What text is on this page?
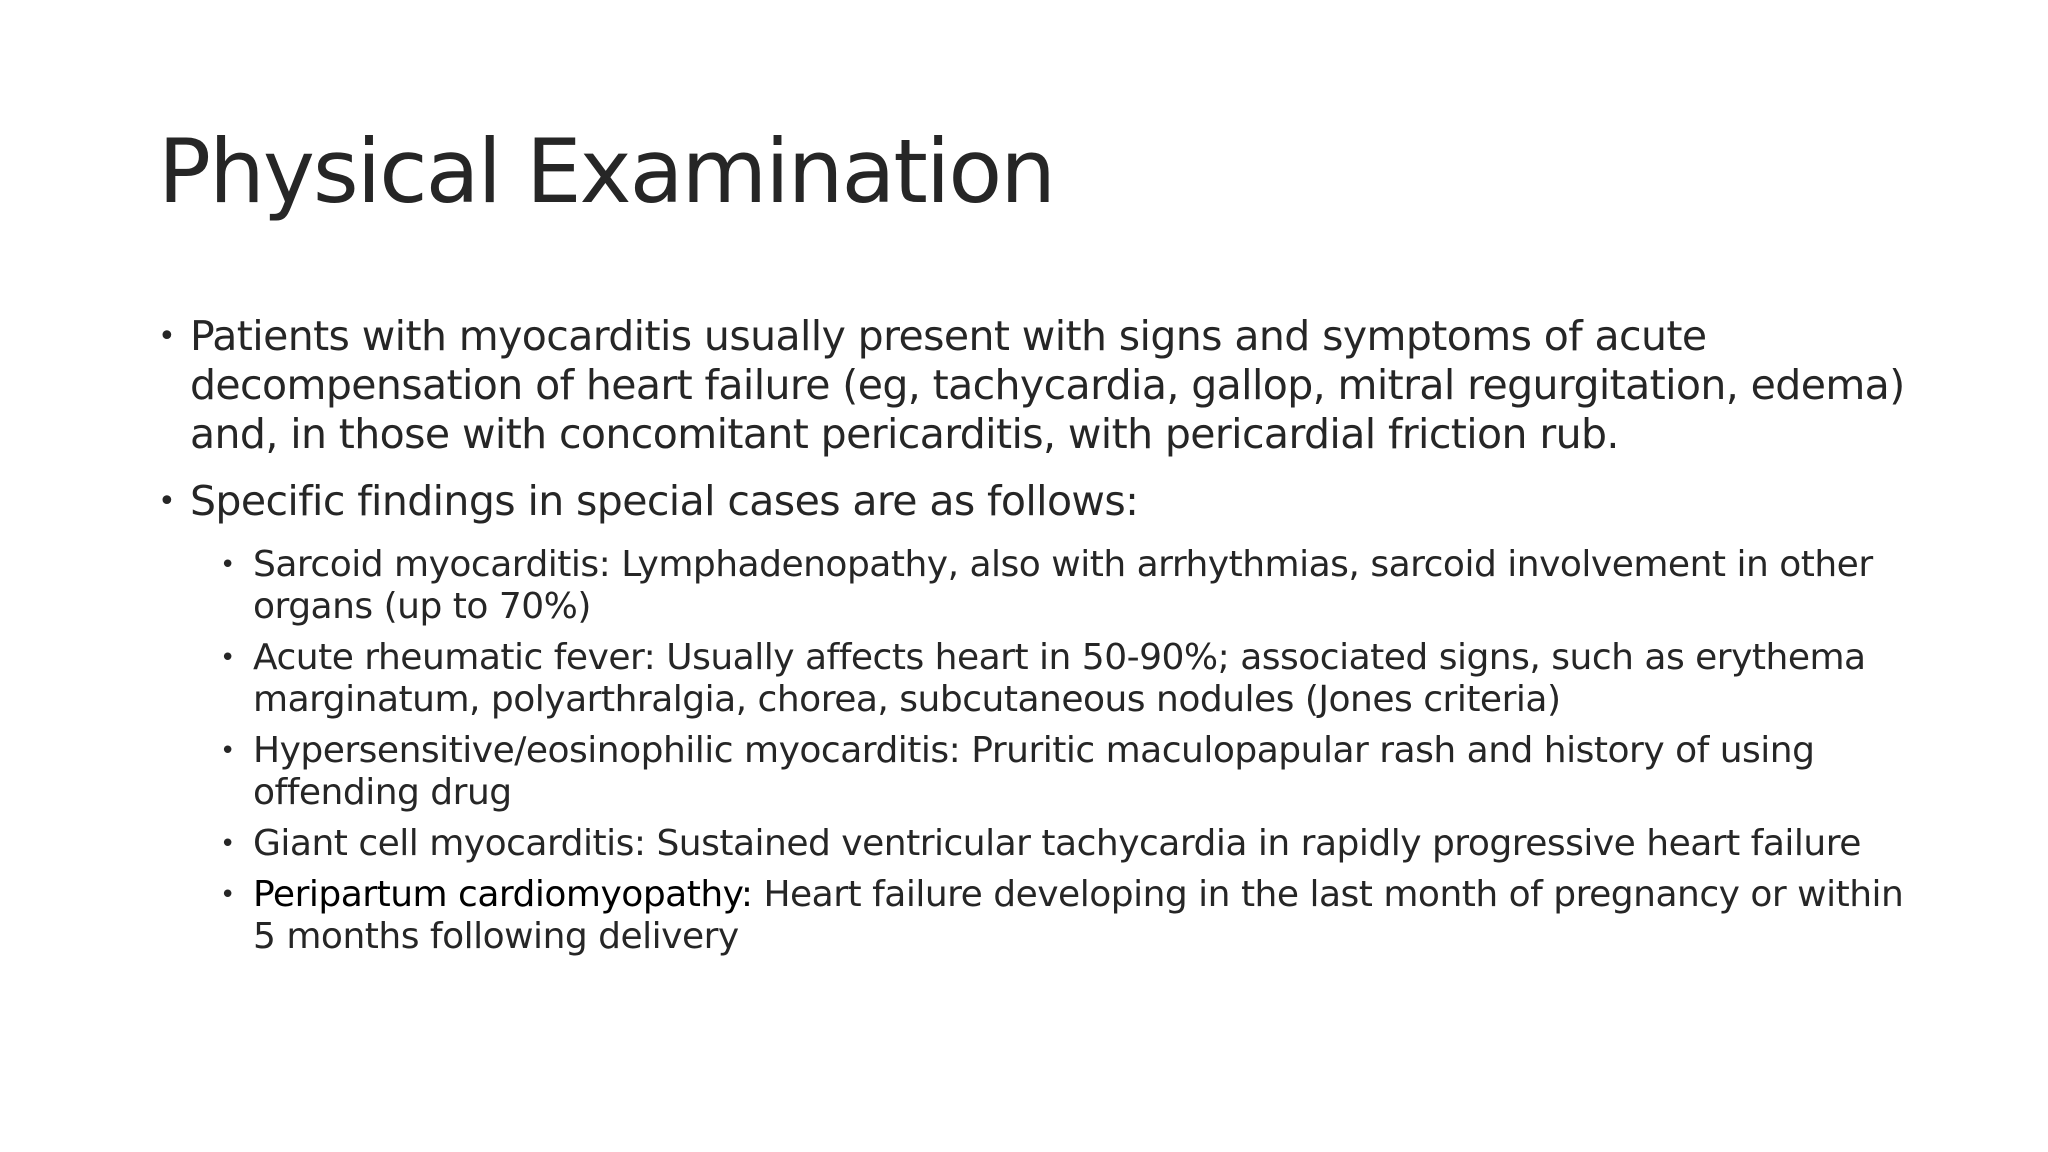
Physical Examination
• Patients with myocarditis usually present with signs and symptoms of acute decompensation of heart failure (eg, tachycardia, gallop, mitral regurgitation, edema) and, in those with concomitant pericarditis, with pericardial friction rub.
• Specific findings in special cases are as follows:
• Sarcoid myocarditis: Lymphadenopathy, also with arrhythmias, sarcoid involvement in other organs (up to 70%)
• Acute rheumatic fever: Usually affects heart in 50-90%; associated signs, such as erythema marginatum, polyarthralgia, chorea, subcutaneous nodules (Jones criteria)
• Hypersensitive/eosinophilic myocarditis: Pruritic maculopapular rash and history of using offending drug
• Giant cell myocarditis: Sustained ventricular tachycardia in rapidly progressive heart failure
• Peripartum cardiomyopathy: Heart failure developing in the last month of pregnancy or within 5 months following delivery
